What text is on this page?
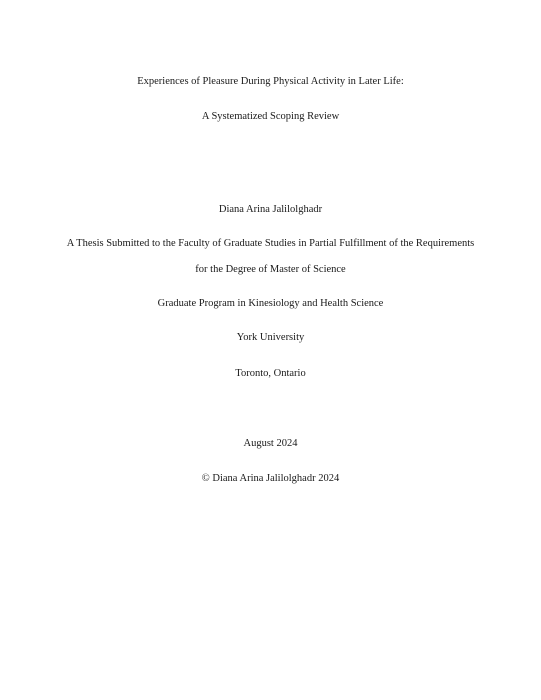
Experiences of Pleasure During Physical Activity in Later Life:
A Systematized Scoping Review
Diana Arina Jalilolghadr
A Thesis Submitted to the Faculty of Graduate Studies in Partial Fulfillment of the Requirements
for the Degree of Master of Science
Graduate Program in Kinesiology and Health Science
York University
Toronto, Ontario
August 2024
© Diana Arina Jalilolghadr 2024
